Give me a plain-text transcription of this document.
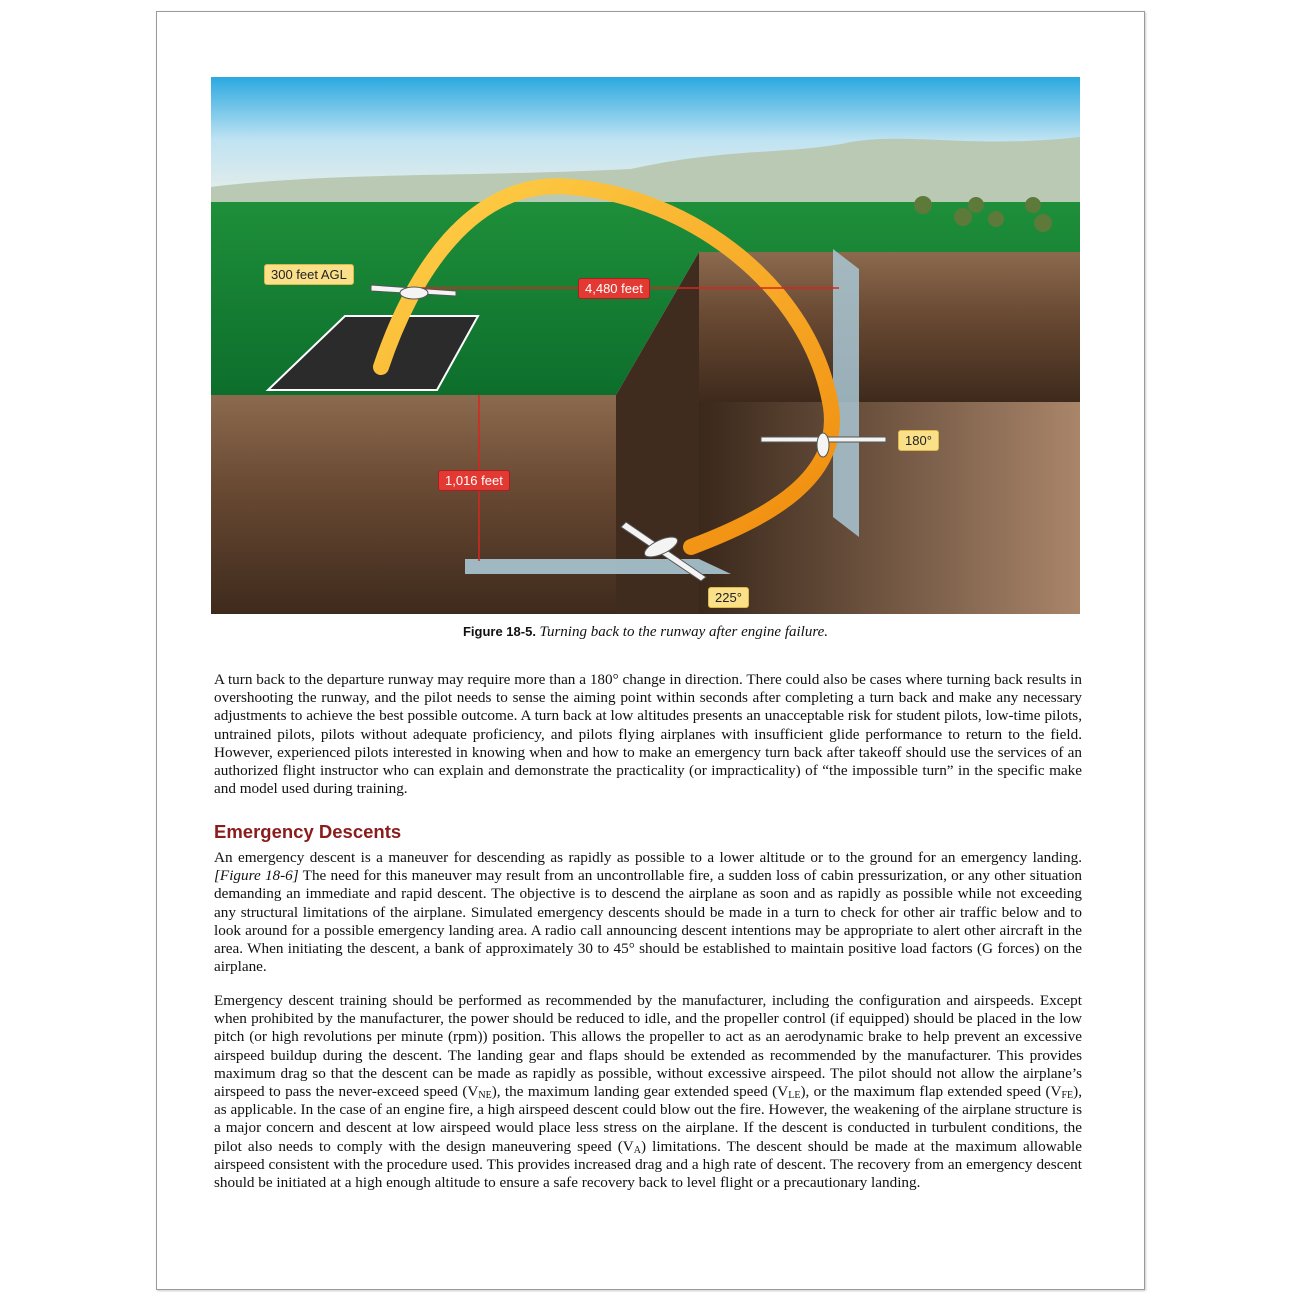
300 feet AGL
4,480 feet
180°
1,016 feet
225°
Figure 18-5. Turning back to the runway after engine failure.

A turn back to the departure runway may require more than a 180° change in direction. There could also be cases where turning back results in overshooting the runway, and the pilot needs to sense the aiming point within seconds after completing a turn back and make any necessary adjustments to achieve the best possible outcome. A turn back at low altitudes presents an unacceptable risk for student pilots, low-time pilots, untrained pilots, pilots without adequate proficiency, and pilots flying airplanes with insufficient glide performance to return to the field. However, experienced pilots interested in knowing when and how to make an emergency turn back after takeoff should use the services of an authorized flight instructor who can explain and demonstrate the practicality (or impracticality) of “the impossible turn” in the specific make and model used during training.

Emergency Descents

An emergency descent is a maneuver for descending as rapidly as possible to a lower altitude or to the ground for an emergency landing. [Figure 18-6] The need for this maneuver may result from an uncontrollable fire, a sudden loss of cabin pressurization, or any other situation demanding an immediate and rapid descent. The objective is to descend the airplane as soon and as rapidly as possible while not exceeding any structural limitations of the airplane. Simulated emergency descents should be made in a turn to check for other air traffic below and to look around for a possible emergency landing area. A radio call announcing descent intentions may be appropriate to alert other aircraft in the area. When initiating the descent, a bank of approximately 30 to 45° should be established to maintain positive load factors (G forces) on the airplane.

Emergency descent training should be performed as recommended by the manufacturer, including the configuration and airspeeds. Except when prohibited by the manufacturer, the power should be reduced to idle, and the propeller control (if equipped) should be placed in the low pitch (or high revolutions per minute (rpm)) position. This allows the propeller to act as an aerodynamic brake to help prevent an excessive airspeed buildup during the descent. The landing gear and flaps should be extended as recommended by the manufacturer. This provides maximum drag so that the descent can be made as rapidly as possible, without excessive airspeed. The pilot should not allow the airplane’s airspeed to pass the never-exceed speed $(V_{NE})$, the maximum landing gear extended speed $(V_{LE})$, or the maximum flap extended speed $(V_{FE})$, as applicable. In the case of an engine fire, a high airspeed descent could blow out the fire. However, the weakening of the airplane structure is a major concern and descent at low airspeed would place less stress on the airplane. If the descent is conducted in turbulent conditions, the pilot also needs to comply with the design maneuvering speed $(V_A)$ limitations. The descent should be made at the maximum allowable airspeed consistent with the procedure used. This provides increased drag and a high rate of descent. The recovery from an emergency descent should be initiated at a high enough altitude to ensure a safe recovery back to level flight or a precautionary landing.
